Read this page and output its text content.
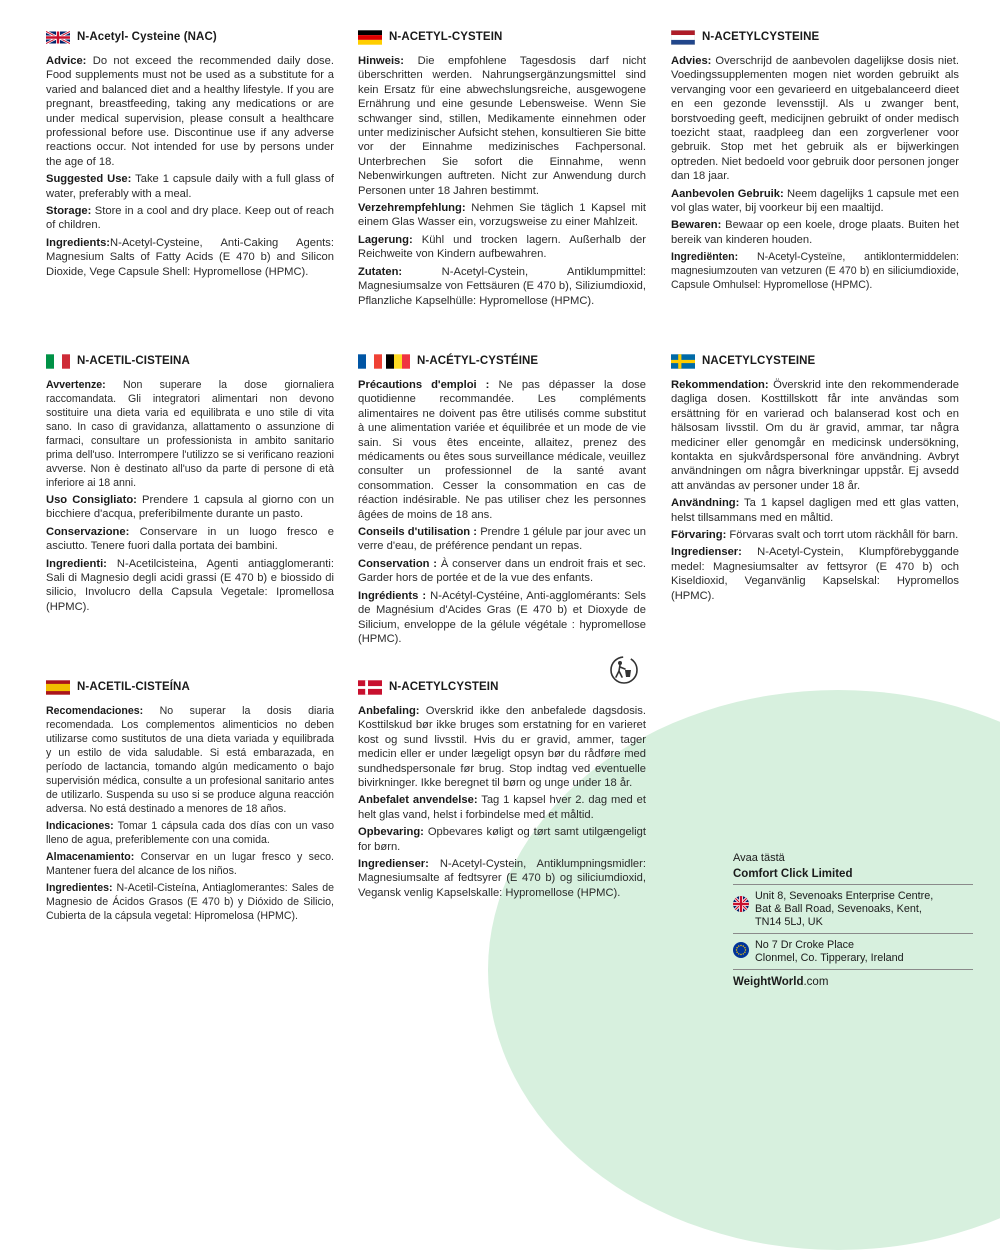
N-Acetyl- Cysteine (NAC)

Advice: Do not exceed the recommended daily dose. Food supplements must not be used as a substitute for a varied and balanced diet and a healthy lifestyle. If you are pregnant, breastfeeding, taking any medications or are under medical supervision, please consult a healthcare professional before use. Discontinue use if any adverse reactions occur. Not intended for use by persons under the age of 18.

Suggested Use: Take 1 capsule daily with a full glass of water, preferably with a meal.

Storage: Store in a cool and dry place. Keep out of reach of children.

Ingredients:N-Acetyl-Cysteine, Anti-Caking Agents: Magnesium Salts of Fatty Acids (E 470 b) and Silicon Dioxide, Vege Capsule Shell: Hypromellose (HPMC).

N-ACETYL-CYSTEIN

Hinweis: Die empfohlene Tagesdosis darf nicht überschritten werden. Nahrungsergänzungsmittel sind kein Ersatz für eine abwechslungsreiche, ausgewogene Ernährung und eine gesunde Lebensweise. Wenn Sie schwanger sind, stillen, Medikamente einnehmen oder unter medizinischer Aufsicht stehen, konsultieren Sie bitte vor der Einnahme medizinisches Fachpersonal. Unterbrechen Sie sofort die Einnahme, wenn Nebenwirkungen auftreten. Nicht zur Anwendung durch Personen unter 18 Jahren bestimmt.

Verzehrempfehlung: Nehmen Sie täglich 1 Kapsel mit einem Glas Wasser ein, vorzugsweise zu einer Mahlzeit.

Lagerung: Kühl und trocken lagern. Außerhalb der Reichweite von Kindern aufbewahren.

Zutaten: N-Acetyl-Cystein, Antiklumpmittel: Magnesiumsalze von Fettsäuren (E 470 b), Siliziumdioxid, Pflanzliche Kapselhülle: Hypromellose (HPMC).

N-ACETYLCYSTEINE

Advies: Overschrijd de aanbevolen dagelijkse dosis niet. Voedingssupplementen mogen niet worden gebruikt als vervanging voor een gevarieerd en uitgebalanceerd dieet en een gezonde levensstijl. Als u zwanger bent, borstvoeding geeft, medicijnen gebruikt of onder medisch toezicht staat, raadpleeg dan een zorgverlener voor gebruik. Stop met het gebruik als er bijwerkingen optreden. Niet bedoeld voor gebruik door personen jonger dan 18 jaar.

Aanbevolen Gebruik: Neem dagelijks 1 capsule met een vol glas water, bij voorkeur bij een maaltijd.

Bewaren: Bewaar op een koele, droge plaats. Buiten het bereik van kinderen houden.

Ingrediënten: N-Acetyl-Cysteïne, antiklontermiddelen: magnesiumzouten van vetzuren (E 470 b) en siliciumdioxide, Capsule Omhulsel: Hypromellose (HPMC).

N-ACETIL-CISTEINA

Avvertenze: Non superare la dose giornaliera raccomandata. Gli integratori alimentari non devono sostituire una dieta varia ed equilibrata e uno stile di vita sano. In caso di gravidanza, allattamento o assunzione di farmaci, consultare un professionista in ambito sanitario prima dell'uso. Interrompere l'utilizzo se si verificano reazioni avverse. Non è destinato all'uso da parte di persone di età inferiore ai 18 anni.

Uso Consigliato: Prendere 1 capsula al giorno con un bicchiere d'acqua, preferibilmente durante un pasto.

Conservazione: Conservare in un luogo fresco e asciutto. Tenere fuori dalla portata dei bambini.

Ingredienti: N-Acetilcisteina, Agenti antiagglomeranti: Sali di Magnesio degli acidi grassi (E 470 b) e biossido di silicio, Involucro della Capsula Vegetale: Ipromellosa (HPMC).

N-ACÉTYL-CYSTÉINE

Précautions d'emploi : Ne pas dépasser la dose quotidienne recommandée. Les compléments alimentaires ne doivent pas être utilisés comme substitut à une alimentation variée et équilibrée et un mode de vie sain. Si vous êtes enceinte, allaitez, prenez des médicaments ou êtes sous surveillance médicale, veuillez consulter un professionnel de la santé avant consommation. Cesser la consommation en cas de réaction indésirable. Ne pas utiliser chez les personnes âgées de moins de 18 ans.

Conseils d'utilisation : Prendre 1 gélule par jour avec un verre d'eau, de préférence pendant un repas.

Conservation : À conserver dans un endroit frais et sec. Garder hors de portée et de la vue des enfants.

Ingrédients : N-Acétyl-Cystéine, Anti-agglomérants: Sels de Magnésium d'Acides Gras (E 470 b) et Dioxyde de Silicium, enveloppe de la gélule végétale : hypromellose (HPMC).

NACETYLCYSTEINE

Rekommendation: Överskrid inte den rekommenderade dagliga dosen. Kosttillskott får inte användas som ersättning för en varierad och balanserad kost och en hälsosam livsstil. Om du är gravid, ammar, tar några mediciner eller genomgår en medicinsk undersökning, kontakta en sjukvårdspersonal före användning. Avbryt användningen om några biverkningar uppstår. Ej avsedd att användas av personer under 18 år.

Användning: Ta 1 kapsel dagligen med ett glas vatten, helst tillsammans med en måltid.

Förvaring: Förvaras svalt och torrt utom räckhåll för barn.

Ingredienser: N-Acetyl-Cystein, Klumpförebyggande medel: Magnesiumsalter av fettsyror (E 470 b) och Kiseldioxid, Veganvänlig Kapselskal: Hypromellos (HPMC).

N-ACETIL-CISTEÍNA

Recomendaciones: No superar la dosis diaria recomendada. Los complementos alimenticios no deben utilizarse como sustitutos de una dieta variada y equilibrada y un estilo de vida saludable. Si está embarazada, en período de lactancia, tomando algún medicamento o bajo supervisión médica, consulte a un profesional sanitario antes de utilizarlo. Suspenda su uso si se produce alguna reacción adversa. No está destinado a menores de 18 años.

Indicaciones: Tomar 1 cápsula cada dos días con un vaso lleno de agua, preferiblemente con una comida.

Almacenamiento: Conservar en un lugar fresco y seco. Mantener fuera del alcance de los niños.

Ingredientes: N-Acetil-Cisteína, Antiaglomerantes: Sales de Magnesio de Ácidos Grasos (E 470 b) y Dióxido de Silicio, Cubierta de la cápsula vegetal: Hipromelosa (HPMC).

N-ACETYLCYSTEIN

Anbefaling: Overskrid ikke den anbefalede dagsdosis. Kosttilskud bør ikke bruges som erstatning for en varieret kost og sund livsstil. Hvis du er gravid, ammer, tager medicin eller er under lægeligt opsyn bør du rådføre med sundhedspersonale før brug. Stop indtag ved eventuelle bivirkninger. Ikke beregnet til børn og unge under 18 år.

Anbefalet anvendelse: Tag 1 kapsel hver 2. dag med et helt glas vand, helst i forbindelse med et måltid.

Opbevaring: Opbevares køligt og tørt samt utilgængeligt for børn.

Ingredienser: N-Acetyl-Cystein, Antiklumpningsmidler: Magnesiumsalte af fedtsyrer (E 470 b) og siliciumdioxid, Vegansk venlig Kapselskalle: Hypromellose (HPMC).

Avaa tästä
Comfort Click Limited
Unit 8, Sevenoaks Enterprise Centre,
Bat & Ball Road, Sevenoaks, Kent,
TN14 5LJ, UK
No 7 Dr Croke Place
Clonmel, Co. Tipperary, Ireland
WeightWorld.com
